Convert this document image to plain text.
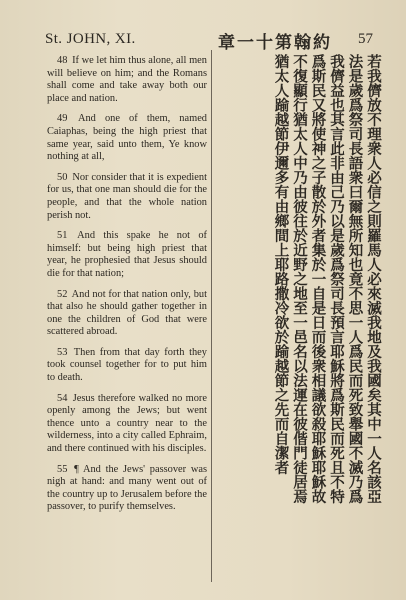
St. JOHN, XI.	章一十第翰約 57

48 If we let him thus alone, all men will believe on him; and the Romans shall come and take away both our place and nation.

49 And one of them, named Caiaphas, being the high priest that same year, said unto them, Ye know nothing at all,

50 Nor consider that it is expedient for us, that one man should die for the people, and that the whole nation perish not.

51 And this spake he not of himself: but being high priest that year, he prophesied that Jesus should die for that nation;

52 And not for that nation only, but that also he should gather together in one the children of God that were scattered abroad.

53 Then from that day forth they took counsel together for to put him to death.

54 Jesus therefore walked no more openly among the Jews; but went thence unto a country near to the wilderness, into a city called Ephraim, and there continued with his disciples.

55 ¶ And the Jews' passover was nigh at hand: and many went out of the country up to Jerusalem before the passover, to purify themselves.

若我儕放不理衆人必信之則羅馬人必來滅我地及我國矣其中一人名該亞法是歲爲祭司長語衆曰爾無所知也竟不思一人爲民而死致舉國不滅乃爲我儕益也其言此非由己乃以是歲爲祭司長預言耶穌將爲斯民而死且不特爲斯民又將使神之子散於外者集於一自是日而後衆相議欲殺耶穌耶穌故不復顯行猶太人中乃由彼往於近野之地至一邑名以法運在彼偕門徒居焉猶太人踰越節伊邇多有由鄉間上耶路撒冷欲於踰越節之先而自潔者
